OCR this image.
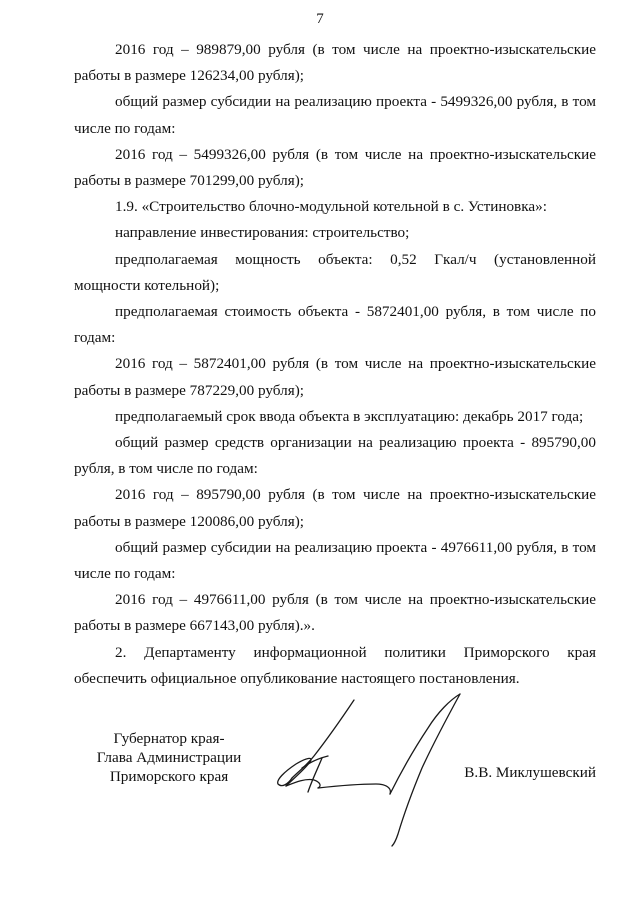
7

2016 год – 989879,00 рубля (в том числе на проектно-изыскательские работы в размере 126234,00 рубля);

общий размер субсидии на реализацию проекта - 5499326,00 рубля, в том числе по годам:

2016 год – 5499326,00 рубля (в том числе на проектно-изыскательские работы в размере 701299,00 рубля);

1.9. «Строительство блочно-модульной котельной в с. Устиновка»:

направление инвестирования: строительство;

предполагаемая мощность объекта: 0,52 Гкал/ч (установленной мощности котельной);

предполагаемая стоимость объекта - 5872401,00 рубля, в том числе по годам:

2016 год – 5872401,00 рубля (в том числе на проектно-изыскательские работы в размере 787229,00 рубля);

предполагаемый срок ввода объекта в эксплуатацию: декабрь 2017 года;

общий размер средств организации на реализацию проекта - 895790,00 рубля, в том числе по годам:

2016 год – 895790,00 рубля (в том числе на проектно-изыскательские работы в размере 120086,00 рубля);

общий размер субсидии на реализацию проекта - 4976611,00 рубля, в том числе по годам:

2016 год – 4976611,00 рубля (в том числе на проектно-изыскательские работы в размере 667143,00 рубля).».

2. Департаменту информационной политики Приморского края обеспечить официальное опубликование настоящего постановления.

Губернатор края-
Глава Администрации
Приморского края	В.В. Миклушевский
